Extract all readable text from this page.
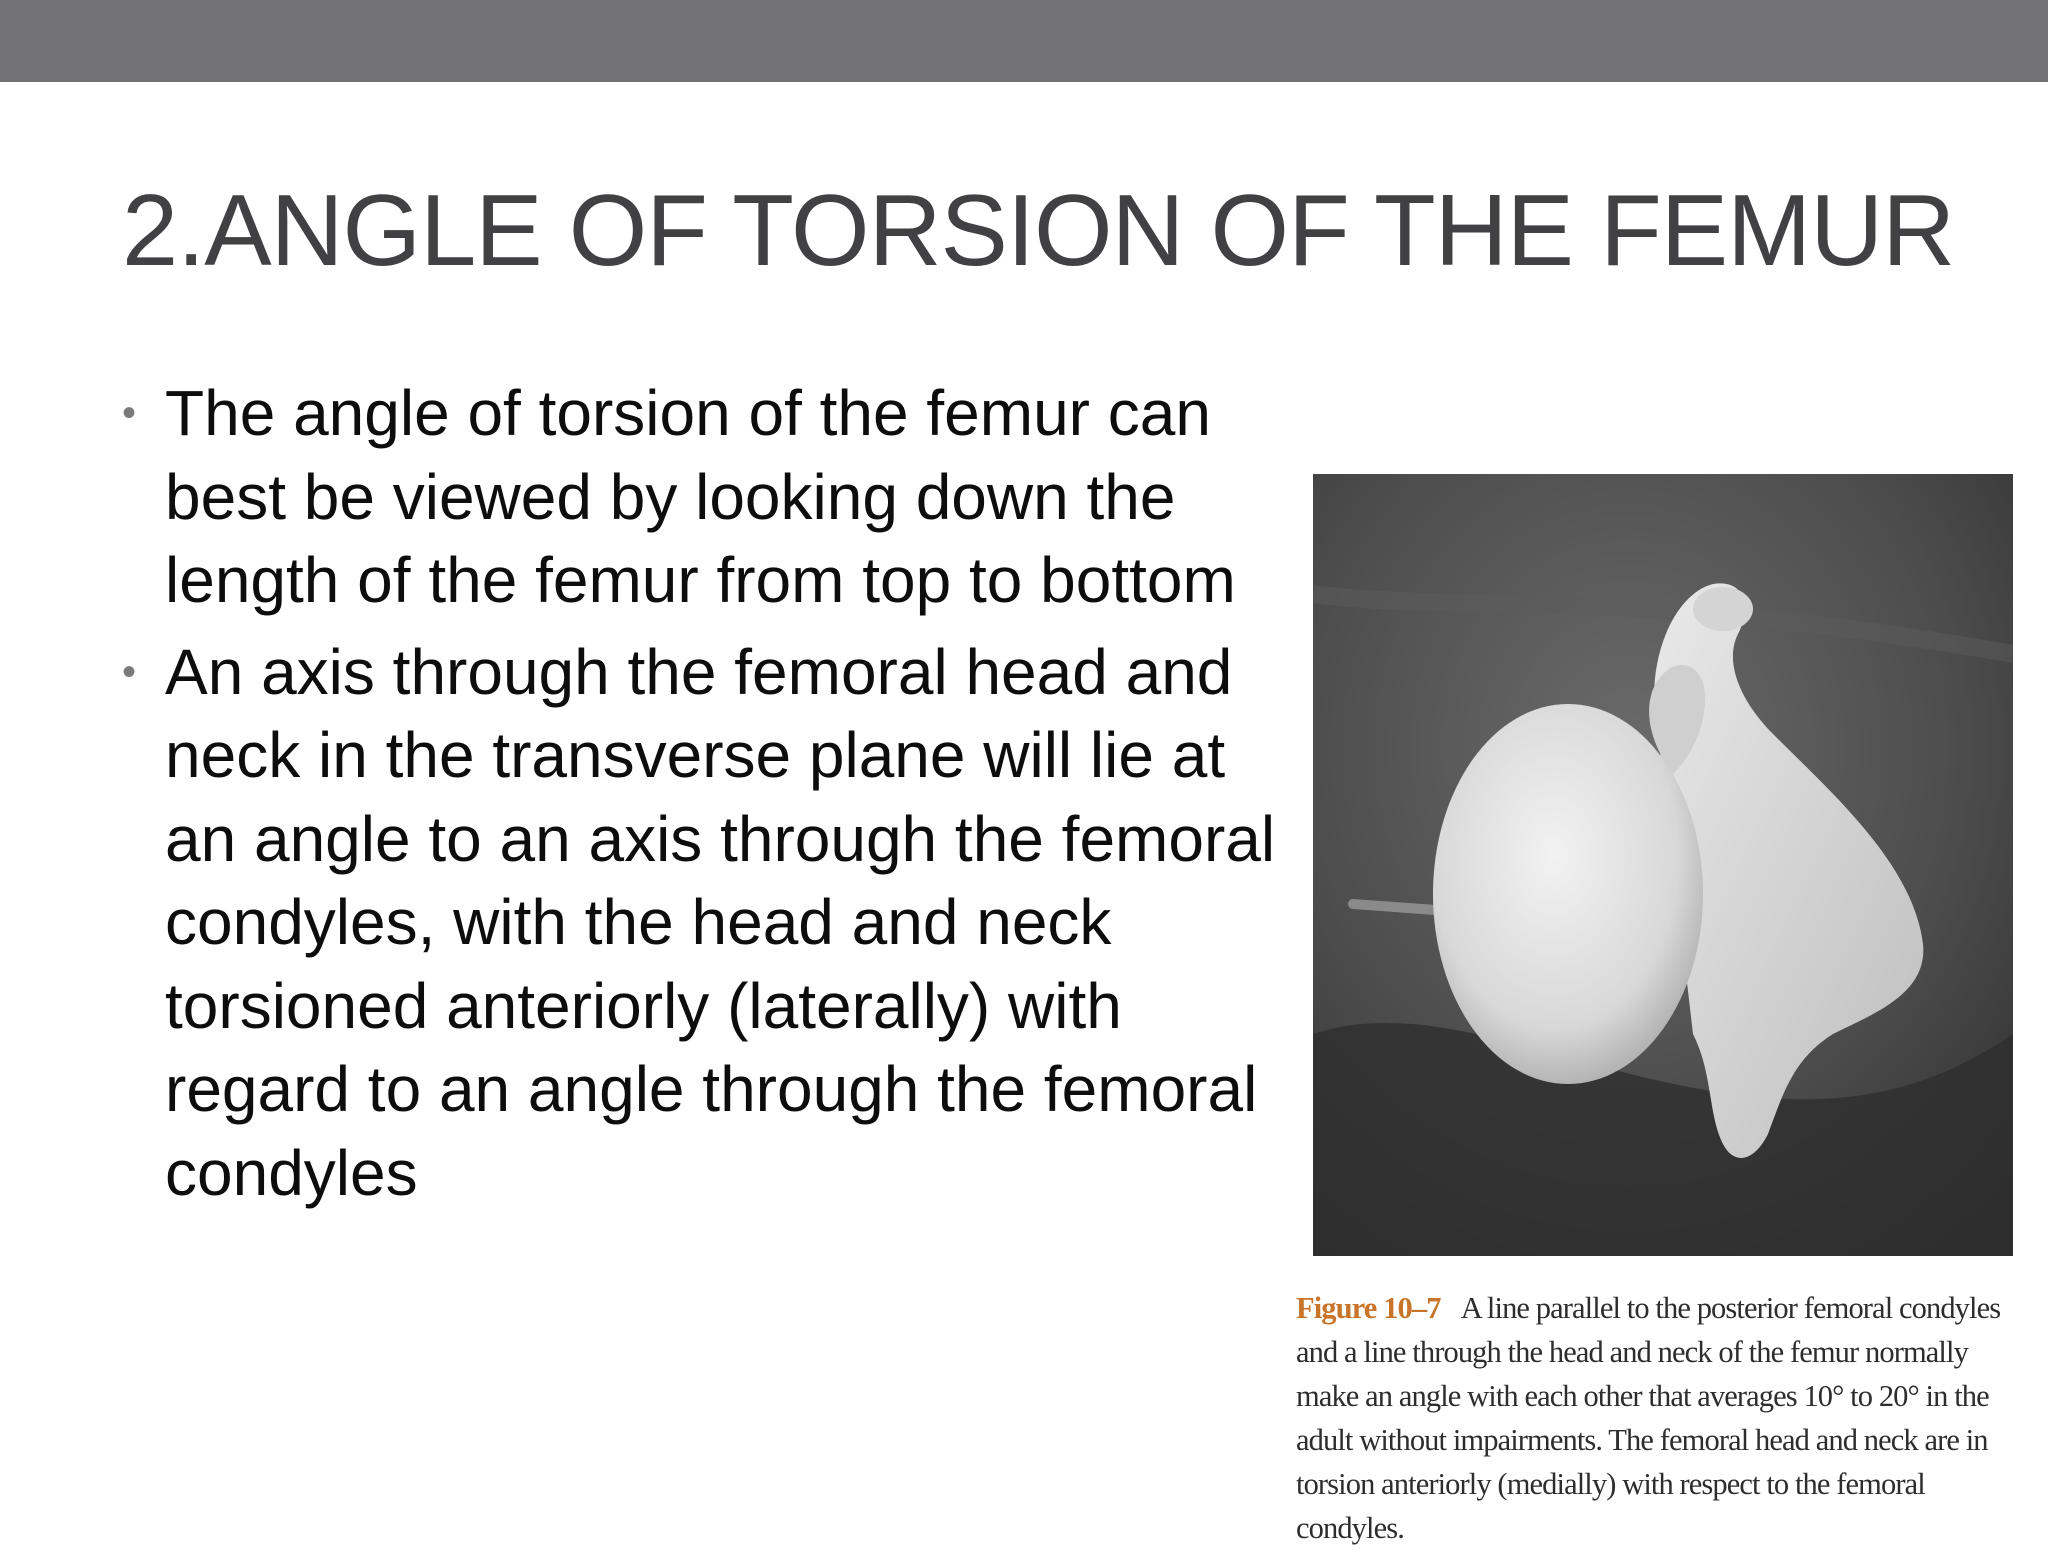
2.ANGLE OF TORSION OF THE FEMUR
• The angle of torsion of the femur can best be viewed by looking down the length of the femur from top to bottom
• An axis through the femoral head and neck in the transverse plane will lie at an angle to an axis through the femoral condyles, with the head and neck torsioned anteriorly (laterally) with regard to an angle through the femoral condyles

Figure 10–7 A line parallel to the posterior femoral condyles and a line through the head and neck of the femur normally make an angle with each other that averages 10° to 20° in the adult without impairments. The femoral head and neck are in torsion anteriorly (medially) with respect to the femoral condyles.
